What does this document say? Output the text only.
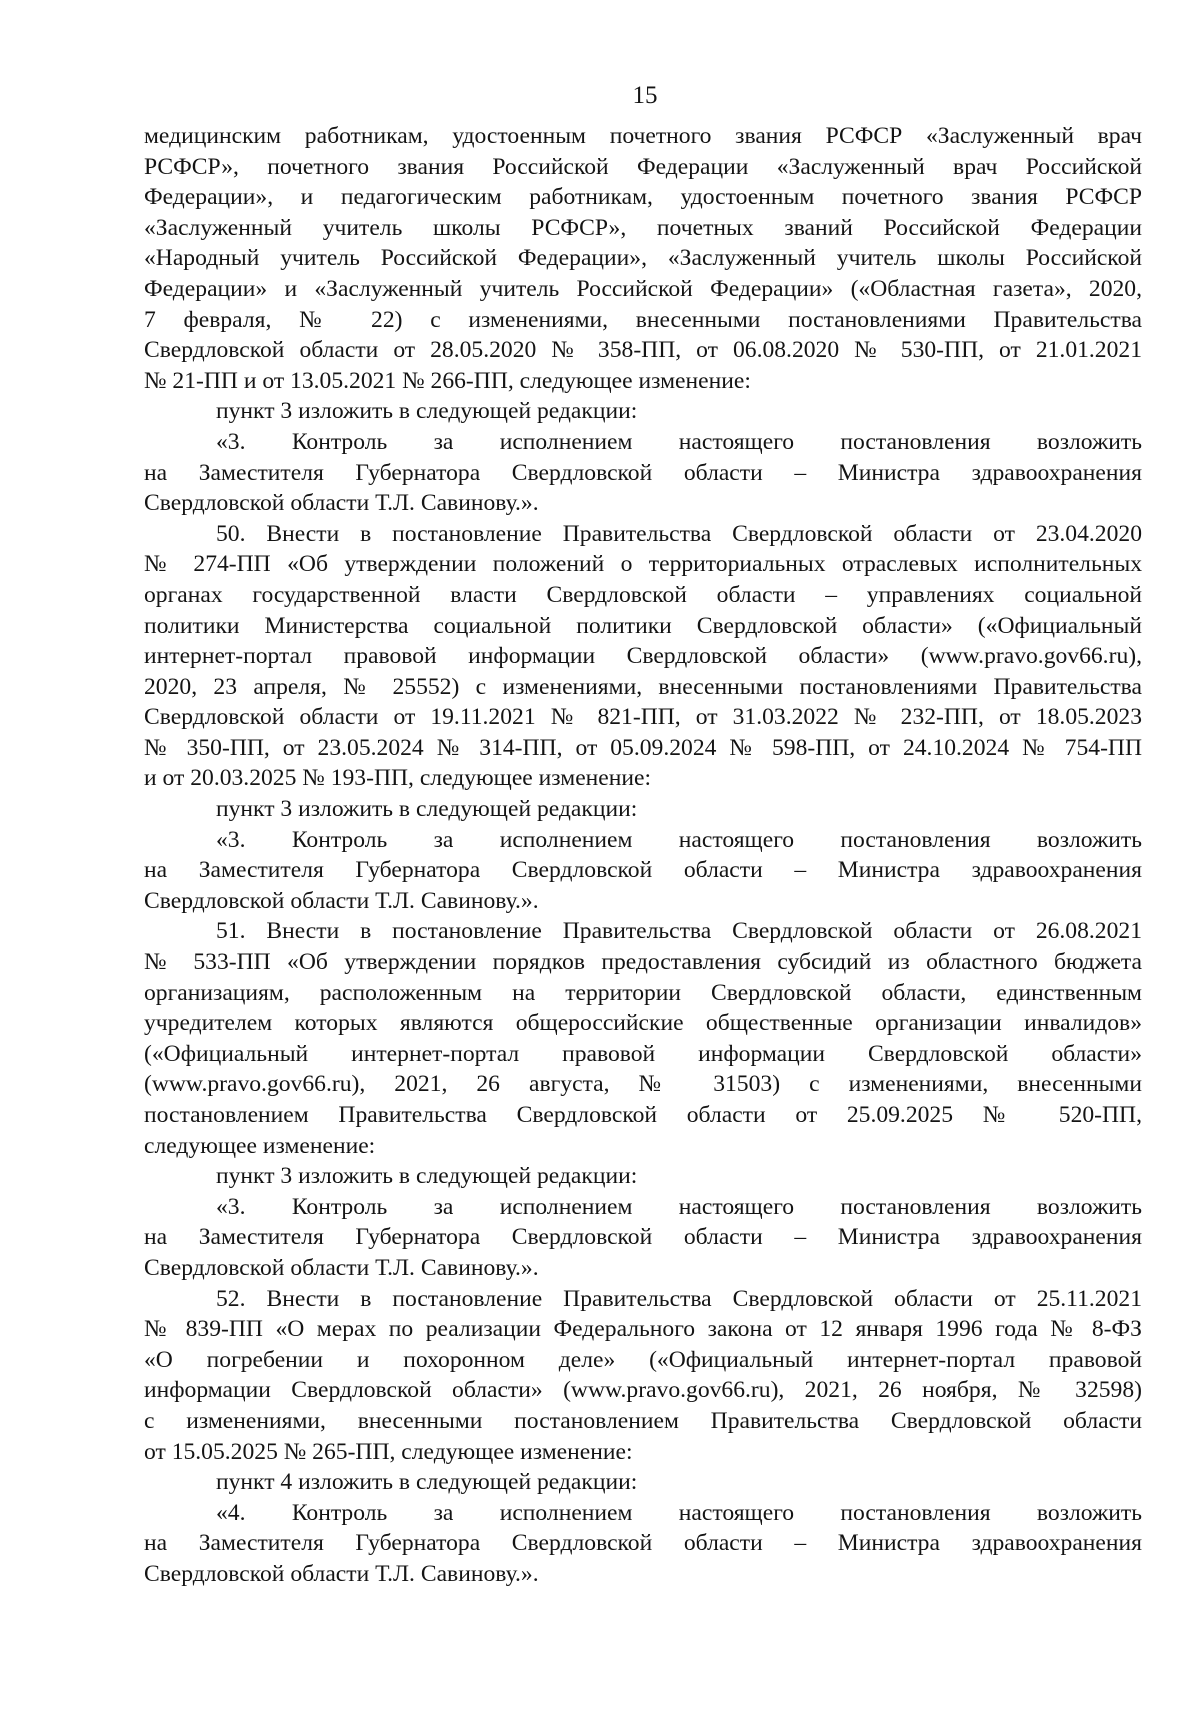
15
медицинским работникам, удостоенным почетного звания РСФСР «Заслуженный врач
РСФСР», почетного звания Российской Федерации «Заслуженный врач Российской
Федерации», и педагогическим работникам, удостоенным почетного звания РСФСР
«Заслуженный учитель школы РСФСР», почетных званий Российской Федерации
«Народный учитель Российской Федерации», «Заслуженный учитель школы Российской
Федерации» и «Заслуженный учитель Российской Федерации» («Областная газета», 2020,
7 февраля, № 22) с изменениями, внесенными постановлениями Правительства
Свердловской области от 28.05.2020 № 358-ПП, от 06.08.2020 № 530-ПП, от 21.01.2021
№ 21-ПП и от 13.05.2021 № 266-ПП, следующее изменение:
пункт 3 изложить в следующей редакции:
«3. Контроль за исполнением настоящего постановления возложить
на Заместителя Губернатора Свердловской области – Министра здравоохранения
Свердловской области Т.Л. Савинову.».
50. Внести в постановление Правительства Свердловской области от 23.04.2020
№ 274-ПП «Об утверждении положений о территориальных отраслевых исполнительных
органах государственной власти Свердловской области – управлениях социальной
политики Министерства социальной политики Свердловской области» («Официальный
интернет-портал правовой информации Свердловской области» (www.pravo.gov66.ru),
2020, 23 апреля, № 25552) с изменениями, внесенными постановлениями Правительства
Свердловской области от 19.11.2021 № 821-ПП, от 31.03.2022 № 232-ПП, от 18.05.2023
№ 350-ПП, от 23.05.2024 № 314-ПП, от 05.09.2024 № 598-ПП, от 24.10.2024 № 754-ПП
и от 20.03.2025 № 193-ПП, следующее изменение:
пункт 3 изложить в следующей редакции:
«3. Контроль за исполнением настоящего постановления возложить
на Заместителя Губернатора Свердловской области – Министра здравоохранения
Свердловской области Т.Л. Савинову.».
51. Внести в постановление Правительства Свердловской области от 26.08.2021
№ 533-ПП «Об утверждении порядков предоставления субсидий из областного бюджета
организациям, расположенным на территории Свердловской области, единственным
учредителем которых являются общероссийские общественные организации инвалидов»
(«Официальный интернет-портал правовой информации Свердловской области»
(www.pravo.gov66.ru), 2021, 26 августа, № 31503) с изменениями, внесенными
постановлением Правительства Свердловской области от 25.09.2025 № 520-ПП,
следующее изменение:
пункт 3 изложить в следующей редакции:
«3. Контроль за исполнением настоящего постановления возложить
на Заместителя Губернатора Свердловской области – Министра здравоохранения
Свердловской области Т.Л. Савинову.».
52. Внести в постановление Правительства Свердловской области от 25.11.2021
№ 839-ПП «О мерах по реализации Федерального закона от 12 января 1996 года № 8-ФЗ
«О погребении и похоронном деле» («Официальный интернет-портал правовой
информации Свердловской области» (www.pravo.gov66.ru), 2021, 26 ноября, № 32598)
с изменениями, внесенными постановлением Правительства Свердловской области
от 15.05.2025 № 265-ПП, следующее изменение:
пункт 4 изложить в следующей редакции:
«4. Контроль за исполнением настоящего постановления возложить
на Заместителя Губернатора Свердловской области – Министра здравоохранения
Свердловской области Т.Л. Савинову.».
